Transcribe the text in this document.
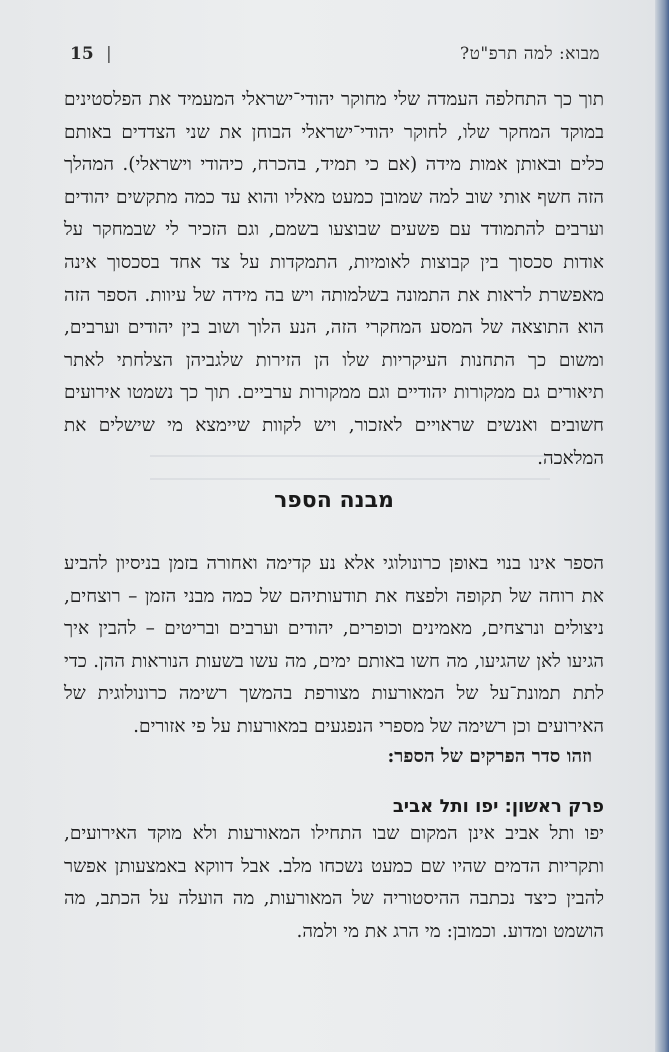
מבוא: למה תרפ"ט?
|
15

תוך כך התחלפה העמדה שלי מחוקר יהודי־ישראלי המעמיד את הפלסטינים במוקד המחקר שלו, לחוקר יהודי־ישראלי הבוחן את שני הצדדים באותם כלים ובאותן אמות מידה (אם כי תמיד, בהכרח, כיהודי וישראלי). המהלך הזה חשף אותי שוב למה שמובן כמעט מאליו והוא עד כמה מתקשים יהודים וערבים להתמודד עם פשעים שבוצעו בשמם, וגם הזכיר לי שבמחקר על אודות סכסוך בין קבוצות לאומיות, התמקדות על צד אחד בסכסוך אינה מאפשרת לראות את התמונה בשלמותה ויש בה מידה של עיוות. הספר הזה הוא התוצאה של המסע המחקרי הזה, הנע הלוך ושוב בין יהודים וערבים, ומשום כך התחנות העיקריות שלו הן הזירות שלגביהן הצלחתי לאתר תיאורים גם ממקורות יהודיים וגם ממקורות ערביים. תוך כך נשמטו אירועים חשובים ואנשים שראויים לאזכור, ויש לקוות שיימצא מי שישלים את המלאכה.

מבנה הספר

הספר אינו בנוי באופן כרונולוגי אלא נע קדימה ואחורה בזמן בניסיון להביע את רוחה של תקופה ולפצח את תודעותיהם של כמה מבני הזמן – רוצחים, ניצולים ונרצחים, מאמינים וכופרים, יהודים וערבים ובריטים – להבין איך הגיעו לאן שהגיעו, מה חשו באותם ימים, מה עשו בשעות הנוראות ההן. כדי לתת תמונת־על של המאורעות מצורפת בהמשך רשימה כרונולוגית של האירועים וכן רשימה של מספרי הנפגעים במאורעות על פי אזורים.

וזהו סדר הפרקים של הספר:
פרק ראשון: יפו ותל אביב

יפו ותל אביב אינן המקום שבו התחילו המאורעות ולא מוקד האירועים, ותקריות הדמים שהיו שם כמעט נשכחו מלב. אבל דווקא באמצעותן אפשר להבין כיצד נכתבה ההיסטוריה של המאורעות, מה הועלה על הכתב, מה הושמט ומדוע. וכמובן: מי הרג את מי ולמה.
